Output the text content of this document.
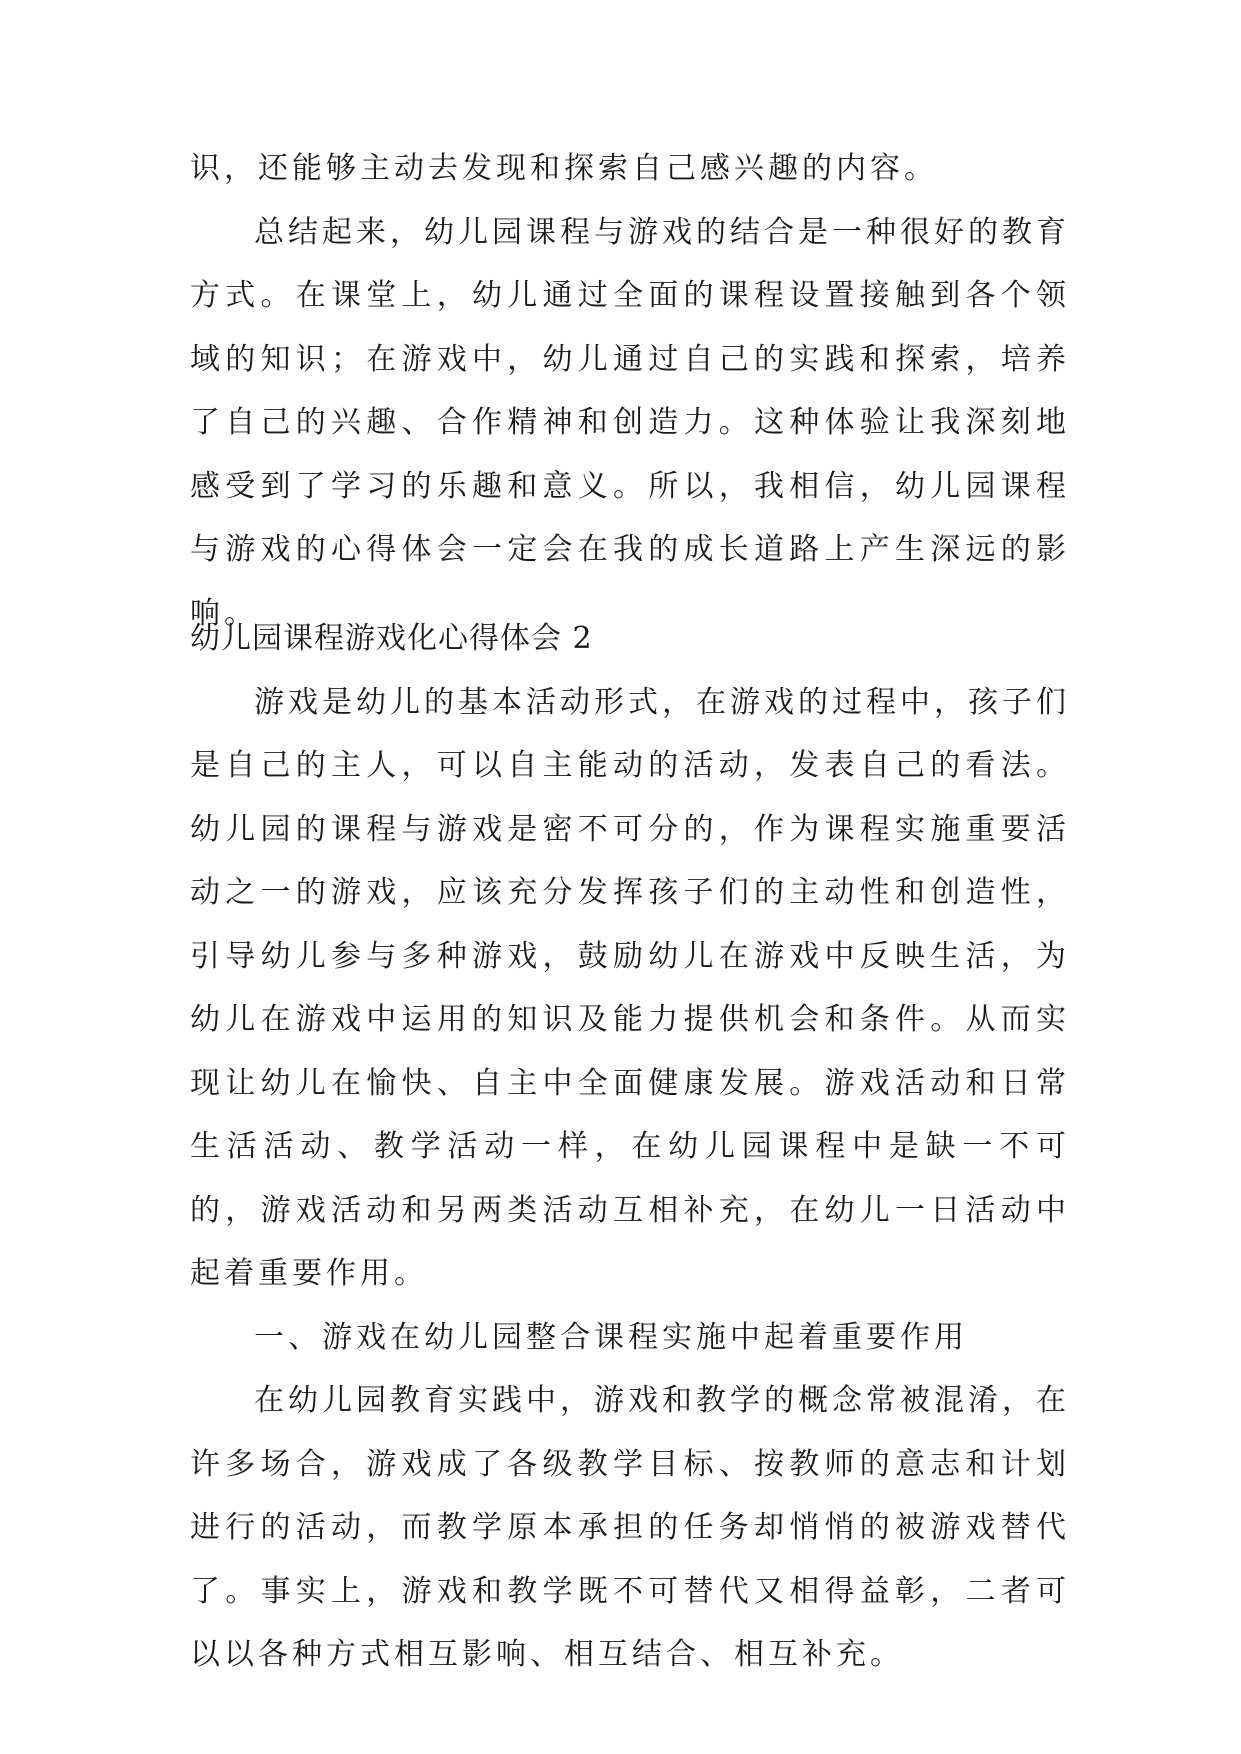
识，还能够主动去发现和探索自己感兴趣的内容。

总结起来，幼儿园课程与游戏的结合是一种很好的教育方式。在课堂上，幼儿通过全面的课程设置接触到各个领域的知识；在游戏中，幼儿通过自己的实践和探索，培养了自己的兴趣、合作精神和创造力。这种体验让我深刻地感受到了学习的乐趣和意义。所以，我相信，幼儿园课程与游戏的心得体会一定会在我的成长道路上产生深远的影响。

幼儿园课程游戏化心得体会 2

游戏是幼儿的基本活动形式，在游戏的过程中，孩子们是自己的主人，可以自主能动的活动，发表自己的看法。幼儿园的课程与游戏是密不可分的，作为课程实施重要活动之一的游戏，应该充分发挥孩子们的主动性和创造性，引导幼儿参与多种游戏，鼓励幼儿在游戏中反映生活，为幼儿在游戏中运用的知识及能力提供机会和条件。从而实现让幼儿在愉快、自主中全面健康发展。游戏活动和日常生活活动、教学活动一样，在幼儿园课程中是缺一不可的，游戏活动和另两类活动互相补充，在幼儿一日活动中起着重要作用。

一、游戏在幼儿园整合课程实施中起着重要作用

在幼儿园教育实践中，游戏和教学的概念常被混淆，在许多场合，游戏成了各级教学目标、按教师的意志和计划进行的活动，而教学原本承担的任务却悄悄的被游戏替代了。事实上，游戏和教学既不可替代又相得益彰，二者可以以各种方式相互影响、相互结合、相互补充。
